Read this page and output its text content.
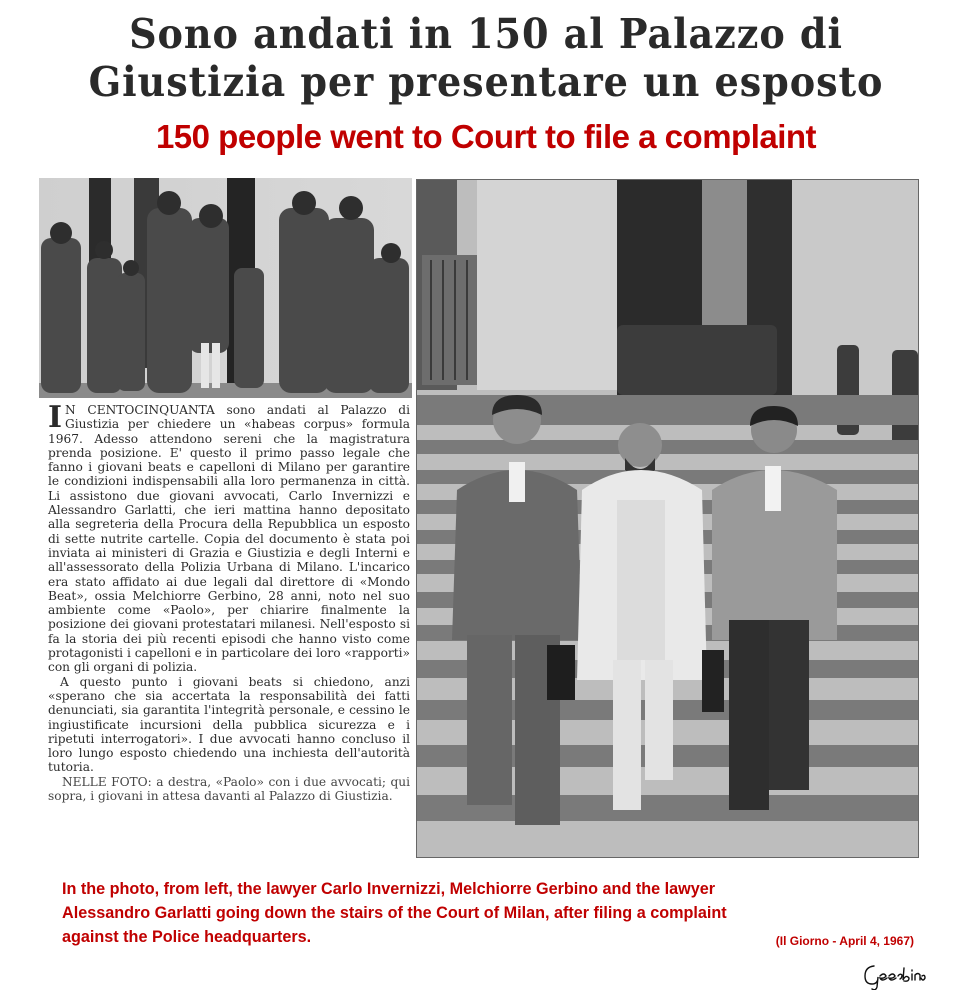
Sono andati in 150 al Palazzo di
Giustizia per presentare un esposto
150 people went to Court to file a complaint

I N CENTOCINQUANTA sono andati al Palazzo di Giustizia per chiedere un «habeas corpus» formula 1967. Adesso attendono sereni che la magistratura prenda posizione. E' questo il primo passo legale che fanno i giovani beats e capelloni di Milano per garantire le condizioni indispensabili alla loro permanenza in città. Li assistono due giovani avvocati, Carlo Invernizzi e Alessandro Garlatti, che ieri mattina hanno depositato alla segreteria della Procura della Repubblica un esposto di sette nutrite cartelle. Copia del documento è stata poi inviata ai ministeri di Grazia e Giustizia e degli Interni e all'assessorato della Polizia Urbana di Milano. L'incarico era stato affidato ai due legali dal direttore di «Mondo Beat», ossia Melchiorre Gerbino, 28 anni, noto nel suo ambiente come «Paolo», per chiarire finalmente la posizione dei giovani protestatari milanesi. Nell'esposto si fa la storia dei più recenti episodi che hanno visto come protagonisti i capelloni e in particolare dei loro «rapporti» con gli organi di polizia.

A questo punto i giovani beats si chiedono, anzi «sperano che sia accertata la responsabilità dei fatti denunciati, sia garantita l'integrità personale, e cessino le ingiustificate incursioni della pubblica sicurezza e i ripetuti interrogatori». I due avvocati hanno concluso il loro lungo esposto chiedendo una inchiesta dell'autorità tutoria.

NELLE FOTO: a destra, «Paolo» con i due avvocati; qui sopra, i giovani in attesa davanti al Palazzo di Giustizia.

In the photo, from left, the lawyer Carlo Invernizzi, Melchiorre Gerbino and the lawyer
Alessandro Garlatti going down the stairs of the Court of Milan, after filing a complaint
against the Police headquarters.	(Il Giorno - April 4, 1967)
